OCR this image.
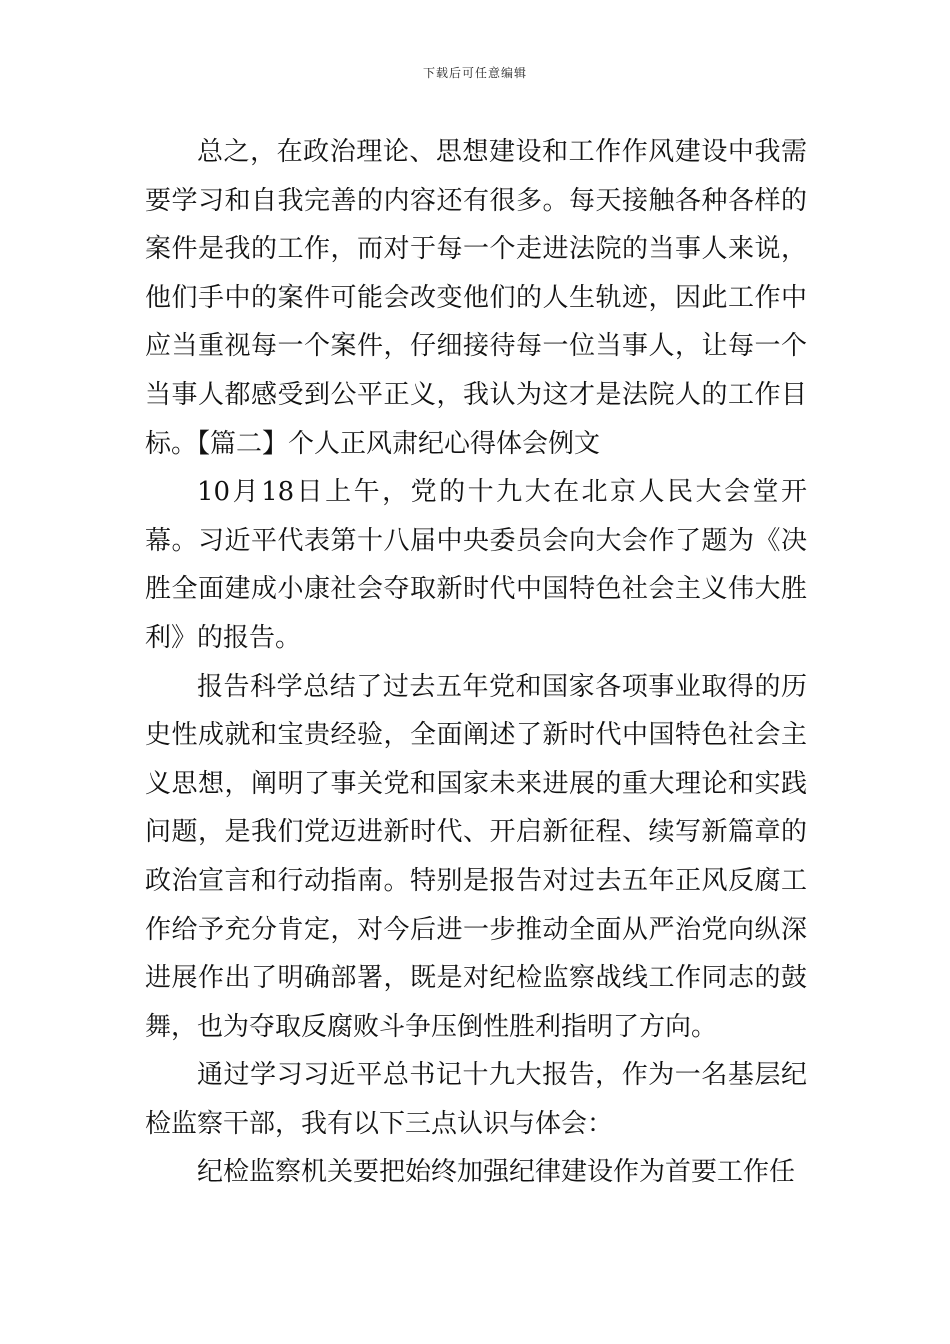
下载后可任意编辑

总之，在政治理论、思想建设和工作作风建设中我需要学习和自我完善的内容还有很多。每天接触各种各样的案件是我的工作，而对于每一个走进法院的当事人来说，他们手中的案件可能会改变他们的人生轨迹，因此工作中应当重视每一个案件，仔细接待每一位当事人，让每一个当事人都感受到公平正义，我认为这才是法院人的工作目标。【篇二】个人正风肃纪心得体会例文

10月18日上午，党的十九大在北京人民大会堂开幕。习近平代表第十八届中央委员会向大会作了题为《决胜全面建成小康社会夺取新时代中国特色社会主义伟大胜利》的报告。

报告科学总结了过去五年党和国家各项事业取得的历史性成就和宝贵经验，全面阐述了新时代中国特色社会主义思想，阐明了事关党和国家未来进展的重大理论和实践问题，是我们党迈进新时代、开启新征程、续写新篇章的政治宣言和行动指南。特别是报告对过去五年正风反腐工作给予充分肯定，对今后进一步推动全面从严治党向纵深进展作出了明确部署，既是对纪检监察战线工作同志的鼓舞，也为夺取反腐败斗争压倒性胜利指明了方向。

通过学习习近平总书记十九大报告，作为一名基层纪检监察干部，我有以下三点认识与体会：

纪检监察机关要把始终加强纪律建设作为首要工作任
